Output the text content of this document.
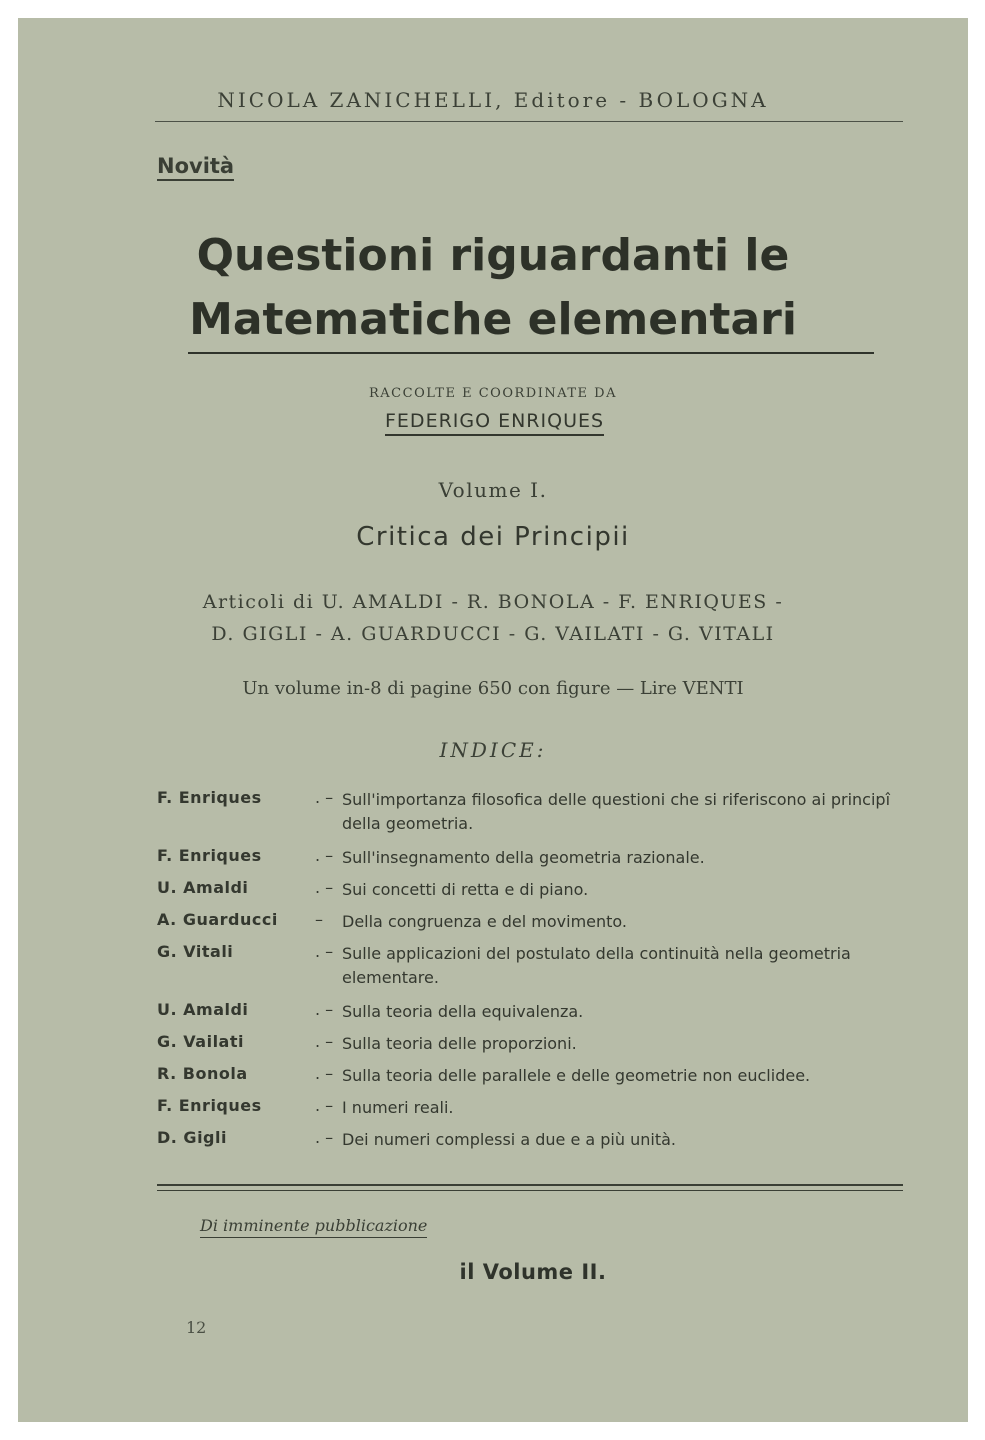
NICOLA ZANICHELLI, Editore - BOLOGNA
Novità
Questioni riguardanti le
Matematiche elementari
RACCOLTE E COORDINATE DA
FEDERIGO ENRIQUES
Volume I.
Critica dei Principii
Articoli di U. AMALDI - R. BONOLA - F. ENRIQUES -
D. GIGLI - A. GUARDUCCI - G. VAILATI - G. VITALI
Un volume in-8 di pagine 650 con figure — Lire VENTI
INDICE:
F. Enriques	. – Sull'importanza filosofica delle questioni che si riferiscono ai principî della geometria.
F. Enriques	. – Sull'insegnamento della geometria razionale.
U. Amaldi	. – Sui concetti di retta e di piano.
A. Guarducci	– Della congruenza e del movimento.
G. Vitali	. – Sulle applicazioni del postulato della continuità nella geometria elementare.
U. Amaldi	. – Sulla teoria della equivalenza.
G. Vailati	. – Sulla teoria delle proporzioni.
R. Bonola	. – Sulla teoria delle parallele e delle geometrie non euclidee.
F. Enriques	. – I numeri reali.
D. Gigli	. – Dei numeri complessi a due e a più unità.
Di imminente pubblicazione
il Volume II.
12
